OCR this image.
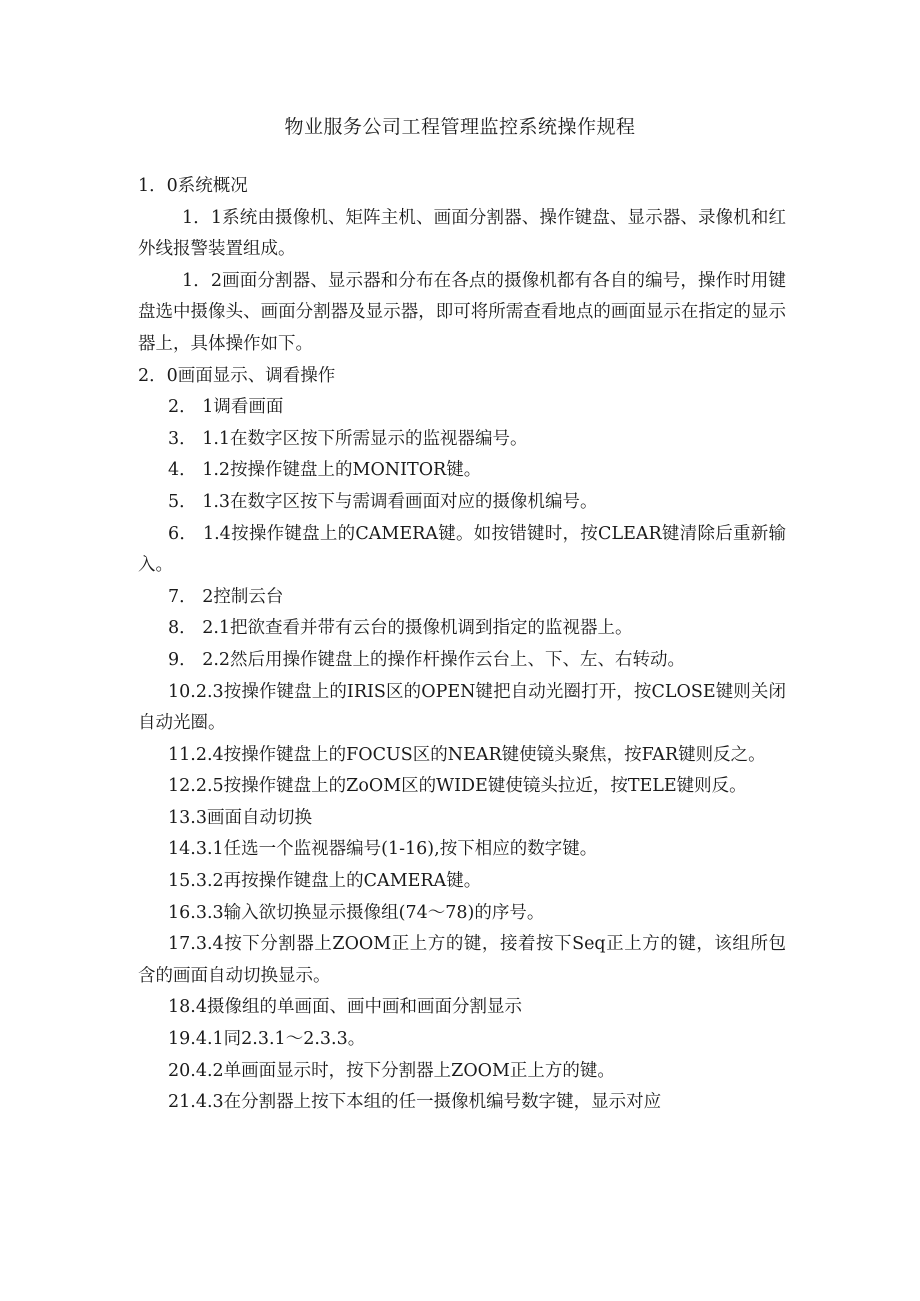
物业服务公司工程管理监控系统操作规程

1．0系统概况

1．1系统由摄像机、矩阵主机、画面分割器、操作键盘、显示器、录像机和红外线报警装置组成。

1．2画面分割器、显示器和分布在各点的摄像机都有各自的编号，操作时用键盘选中摄像头、画面分割器及显示器，即可将所需查看地点的画面显示在指定的显示器上，具体操作如下。

2．0画面显示、调看操作

2． 1调看画面

3． 1.1在数字区按下所需显示的监视器编号。

4． 1.2按操作键盘上的MONITOR键。

5． 1.3在数字区按下与需调看画面对应的摄像机编号。

6． 1.4按操作键盘上的CAMERA键。如按错键时，按CLEAR键清除后重新输入。

7． 2控制云台

8． 2.1把欲查看并带有云台的摄像机调到指定的监视器上。

9． 2.2然后用操作键盘上的操作杆操作云台上、下、左、右转动。

10.2.3按操作键盘上的IRIS区的OPEN键把自动光圈打开，按CLOSE键则关闭自动光圈。

11.2.4按操作键盘上的FOCUS区的NEAR键使镜头聚焦，按FAR键则反之。

12.2.5按操作键盘上的ZoOM区的WIDE键使镜头拉近，按TELE键则反。

13.3画面自动切换

14.3.1任选一个监视器编号(1-16),按下相应的数字键。

15.3.2再按操作键盘上的CAMERA键。

16.3.3输入欲切换显示摄像组(74～78)的序号。

17.3.4按下分割器上ZOOM正上方的键，接着按下Seq正上方的键，该组所包含的画面自动切换显示。

18.4摄像组的单画面、画中画和画面分割显示

19.4.1同2.3.1～2.3.3。

20.4.2单画面显示时，按下分割器上ZOOM正上方的键。

21.4.3在分割器上按下本组的任一摄像机编号数字键，显示对应
